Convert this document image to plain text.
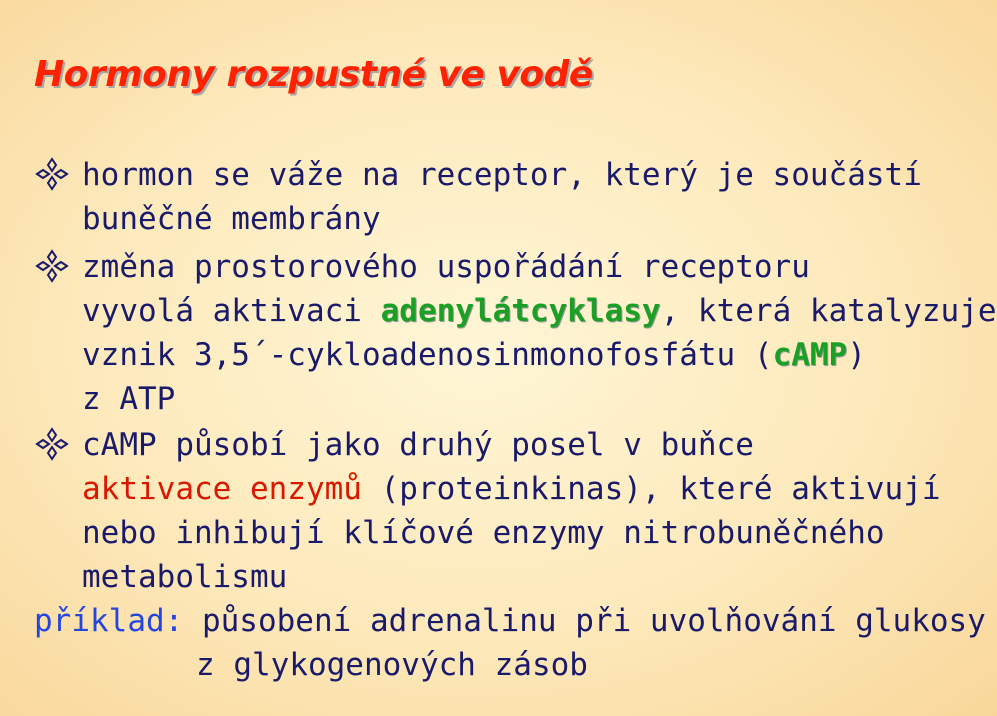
Hormony rozpustné ve vodě

hormon se váže na receptor, který je součástí

buněčné membrány

změna prostorového uspořádání receptoru

vyvolá aktivaci adenylátcyklasy, která katalyzuje

vznik 3,5´-cykloadenosinmonofosfátu (cAMP)

z ATP

cAMP působí jako druhý posel v buňce

aktivace enzymů (proteinkinas), které aktivují

nebo inhibují klíčové enzymy nitrobuněčného

metabolismu

příklad: působení adrenalinu při uvolňování glukosy

z glykogenových zásob
